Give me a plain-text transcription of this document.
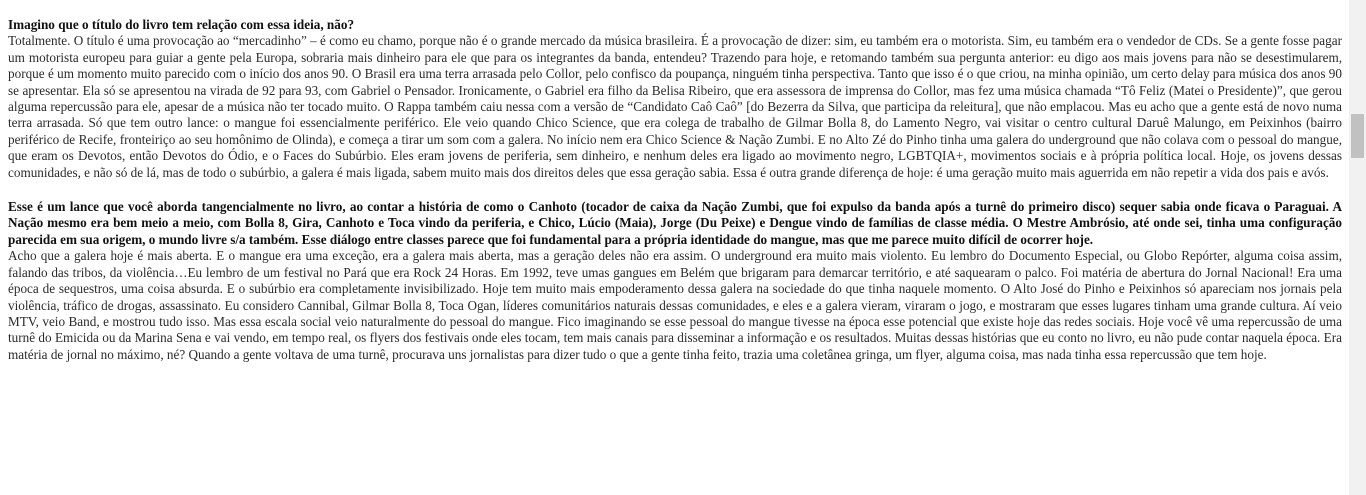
Imagino que o título do livro tem relação com essa ideia, não?

Totalmente. O título é uma provocação ao “mercadinho” – é como eu chamo, porque não é o grande mercado da música brasileira. É a provocação de dizer: sim, eu também era o motorista. Sim, eu também era o vendedor de CDs. Se a gente fosse pagar um motorista europeu para guiar a gente pela Europa, sobraria mais dinheiro para ele que para os integrantes da banda, entendeu? Trazendo para hoje, e retomando também sua pergunta anterior: eu digo aos mais jovens para não se desestimularem, porque é um momento muito parecido com o início dos anos 90. O Brasil era uma terra arrasada pelo Collor, pelo confisco da poupança, ninguém tinha perspectiva. Tanto que isso é o que criou, na minha opinião, um certo delay para música dos anos 90 se apresentar. Ela só se apresentou na virada de 92 para 93, com Gabriel o Pensador. Ironicamente, o Gabriel era filho da Belisa Ribeiro, que era assessora de imprensa do Collor, mas fez uma música chamada “Tô Feliz (Matei o Presidente)”, que gerou alguma repercussão para ele, apesar de a música não ter tocado muito. O Rappa também caiu nessa com a versão de “Candidato Caô Caô” [do Bezerra da Silva, que participa da releitura], que não emplacou. Mas eu acho que a gente está de novo numa terra arrasada. Só que tem outro lance: o mangue foi essencialmente periférico. Ele veio quando Chico Science, que era colega de trabalho de Gilmar Bolla 8, do Lamento Negro, vai visitar o centro cultural Daruê Malungo, em Peixinhos (bairro periférico de Recife, fronteiriço ao seu homônimo de Olinda), e começa a tirar um som com a galera. No início nem era Chico Science & Nação Zumbi. E no Alto Zé do Pinho tinha uma galera do underground que não colava com o pessoal do mangue, que eram os Devotos, então Devotos do Ódio, e o Faces do Subúrbio. Eles eram jovens de periferia, sem dinheiro, e nenhum deles era ligado ao movimento negro, LGBTQIA+, movimentos sociais e à própria política local. Hoje, os jovens dessas comunidades, e não só de lá, mas de todo o subúrbio, a galera é mais ligada, sabem muito mais dos direitos deles que essa geração sabia. Essa é outra grande diferença de hoje: é uma geração muito mais aguerrida em não repetir a vida dos pais e avós.

Esse é um lance que você aborda tangencialmente no livro, ao contar a história de como o Canhoto (tocador de caixa da Nação Zumbi, que foi expulso da banda após a turnê do primeiro disco) sequer sabia onde ficava o Paraguai. A Nação mesmo era bem meio a meio, com Bolla 8, Gira, Canhoto e Toca vindo da periferia, e Chico, Lúcio (Maia), Jorge (Du Peixe) e Dengue vindo de famílias de classe média. O Mestre Ambrósio, até onde sei, tinha uma configuração parecida em sua origem, o mundo livre s/a também. Esse diálogo entre classes parece que foi fundamental para a própria identidade do mangue, mas que me parece muito difícil de ocorrer hoje.

Acho que a galera hoje é mais aberta. E o mangue era uma exceção, era a galera mais aberta, mas a geração deles não era assim. O underground era muito mais violento. Eu lembro do Documento Especial, ou Globo Repórter, alguma coisa assim, falando das tribos, da violência…Eu lembro de um festival no Pará que era Rock 24 Horas. Em 1992, teve umas gangues em Belém que brigaram para demarcar território, e até saquearam o palco. Foi matéria de abertura do Jornal Nacional! Era uma época de sequestros, uma coisa absurda. E o subúrbio era completamente invisibilizado. Hoje tem muito mais empoderamento dessa galera na sociedade do que tinha naquele momento. O Alto José do Pinho e Peixinhos só apareciam nos jornais pela violência, tráfico de drogas, assassinato. Eu considero Cannibal, Gilmar Bolla 8, Toca Ogan, líderes comunitários naturais dessas comunidades, e eles e a galera vieram, viraram o jogo, e mostraram que esses lugares tinham uma grande cultura. Aí veio MTV, veio Band, e mostrou tudo isso. Mas essa escala social veio naturalmente do pessoal do mangue. Fico imaginando se esse pessoal do mangue tivesse na época esse potencial que existe hoje das redes sociais. Hoje você vê uma repercussão de uma turnê do Emicida ou da Marina Sena e vai vendo, em tempo real, os flyers dos festivais onde eles tocam, tem mais canais para disseminar a informação e os resultados. Muitas dessas histórias que eu conto no livro, eu não pude contar naquela época. Era matéria de jornal no máximo, né? Quando a gente voltava de uma turnê, procurava uns jornalistas para dizer tudo o que a gente tinha feito, trazia uma coletânea gringa, um flyer, alguma coisa, mas nada tinha essa repercussão que tem hoje.
